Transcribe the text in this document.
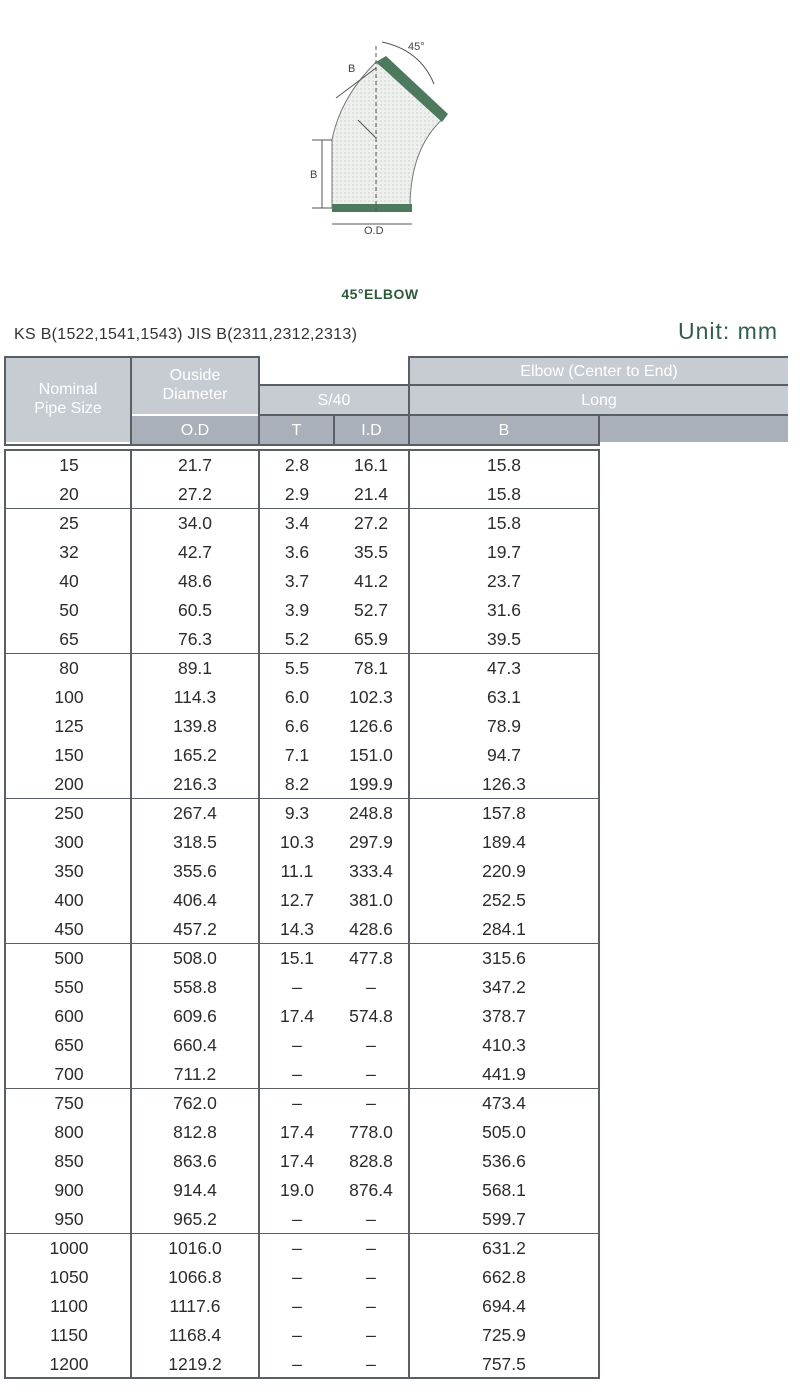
45°
B
B
O.D
45°ELBOW
KS B(1522,1541,1543) JIS B(2311,2312,2313)	Unit: mm
Nominal
Pipe Size
Ouside
Diameter
O.D
S/40
T	I.D
Elbow (Center to End)
Long
B
15	21.7	2.8	16.1	15.8
20	27.2	2.9	21.4	15.8
25	34.0	3.4	27.2	15.8
32	42.7	3.6	35.5	19.7
40	48.6	3.7	41.2	23.7
50	60.5	3.9	52.7	31.6
65	76.3	5.2	65.9	39.5
80	89.1	5.5	78.1	47.3
100	114.3	6.0	102.3	63.1
125	139.8	6.6	126.6	78.9
150	165.2	7.1	151.0	94.7
200	216.3	8.2	199.9	126.3
250	267.4	9.3	248.8	157.8
300	318.5	10.3	297.9	189.4
350	355.6	11.1	333.4	220.9
400	406.4	12.7	381.0	252.5
450	457.2	14.3	428.6	284.1
500	508.0	15.1	477.8	315.6
550	558.8	–	–	347.2
600	609.6	17.4	574.8	378.7
650	660.4	–	–	410.3
700	711.2	–	–	441.9
750	762.0	–	–	473.4
800	812.8	17.4	778.0	505.0
850	863.6	17.4	828.8	536.6
900	914.4	19.0	876.4	568.1
950	965.2	–	–	599.7
1000	1016.0	–	–	631.2
1050	1066.8	–	–	662.8
1100	1117.6	–	–	694.4
1150	1168.4	–	–	725.9
1200	1219.2	–	–	757.5
